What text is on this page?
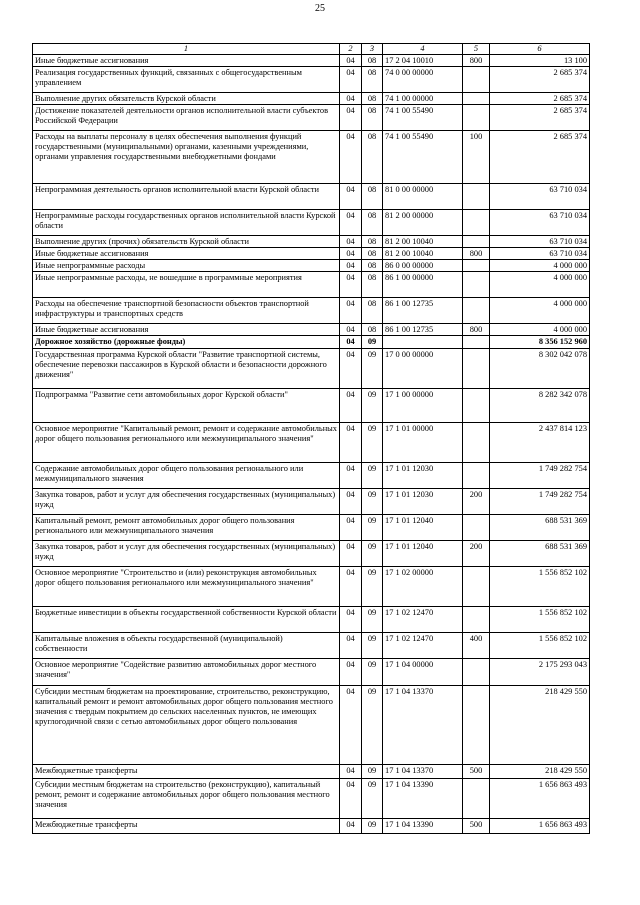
25
1	2	3	4	5	6
Иные бюджетные ассигнования	04	08	17 2 04 10010	800	13 100
Реализация государственных функций, связанных с общегосударственным управлением	04	08	74 0 00 00000		2 685 374
Выполнение других обязательств Курской области	04	08	74 1 00 00000		2 685 374
Достижение показателей деятельности органов исполнительной власти субъектов Российской Федерации	04	08	74 1 00 55490		2 685 374
Расходы на выплаты персоналу в целях обеспечения выполнения функций государственными (муниципальными) органами, казенными учреждениями, органами управления государственными внебюджетными фондами	04	08	74 1 00 55490	100	2 685 374
Непрограммная деятельность органов исполнительной власти Курской области	04	08	81 0 00 00000		63 710 034
Непрограммные расходы государственных органов исполнительной власти Курской области	04	08	81 2 00 00000		63 710 034
Выполнение других (прочих) обязательств Курской области	04	08	81 2 00 10040		63 710 034
Иные бюджетные ассигнования	04	08	81 2 00 10040	800	63 710 034
Иные непрограммные расходы	04	08	86 0 00 00000		4 000 000
Иные непрограммные расходы, не вошедшие в программные мероприятия	04	08	86 1 00 00000		4 000 000
Расходы на обеспечение транспортной безопасности объектов транспортной инфраструктуры и транспортных средств	04	08	86 1 00 12735		4 000 000
Иные бюджетные ассигнования	04	08	86 1 00 12735	800	4 000 000
Дорожное хозяйство (дорожные фонды)	04	09			8 356 152 960
Государственная программа Курской области "Развитие транспортной системы, обеспечение перевозки пассажиров в Курской области и безопасности дорожного движения"	04	09	17 0 00 00000		8 302 042 078
Подпрограмма "Развитие сети автомобильных дорог Курской области"	04	09	17 1 00 00000		8 282 342 078
Основное мероприятие "Капитальный ремонт, ремонт и содержание автомобильных дорог общего пользования регионального или межмуниципального значения"	04	09	17 1 01 00000		2 437 814 123
Содержание автомобильных дорог общего пользования регионального или межмуниципального значения	04	09	17 1 01 12030		1 749 282 754
Закупка товаров, работ и услуг для обеспечения государственных (муниципальных) нужд	04	09	17 1 01 12030	200	1 749 282 754
Капитальный ремонт, ремонт автомобильных дорог общего пользования регионального или межмуниципального значения	04	09	17 1 01 12040		688 531 369
Закупка товаров, работ и услуг для обеспечения государственных (муниципальных) нужд	04	09	17 1 01 12040	200	688 531 369
Основное мероприятие "Строительство и (или) реконструкция автомобильных дорог общего пользования регионального или межмуниципального значения"	04	09	17 1 02 00000		1 556 852 102
Бюджетные инвестиции в объекты государственной собственности Курской области	04	09	17 1 02 12470		1 556 852 102
Капитальные вложения в объекты государственной (муниципальной) собственности	04	09	17 1 02 12470	400	1 556 852 102
Основное мероприятие "Содействие развитию автомобильных дорог местного значения"	04	09	17 1 04 00000		2 175 293 043
Субсидии местным бюджетам на проектирование, строительство, реконструкцию, капитальный ремонт и ремонт автомобильных дорог общего пользования местного значения с твердым покрытием до сельских населенных пунктов, не имеющих круглогодичной связи с сетью автомобильных дорог общего пользования	04	09	17 1 04 13370		218 429 550
Межбюджетные трансферты	04	09	17 1 04 13370	500	218 429 550
Субсидии местным бюджетам на строительство (реконструкцию), капитальный ремонт, ремонт и содержание автомобильных дорог общего пользования местного значения	04	09	17 1 04 13390		1 656 863 493
Межбюджетные трансферты	04	09	17 1 04 13390	500	1 656 863 493
